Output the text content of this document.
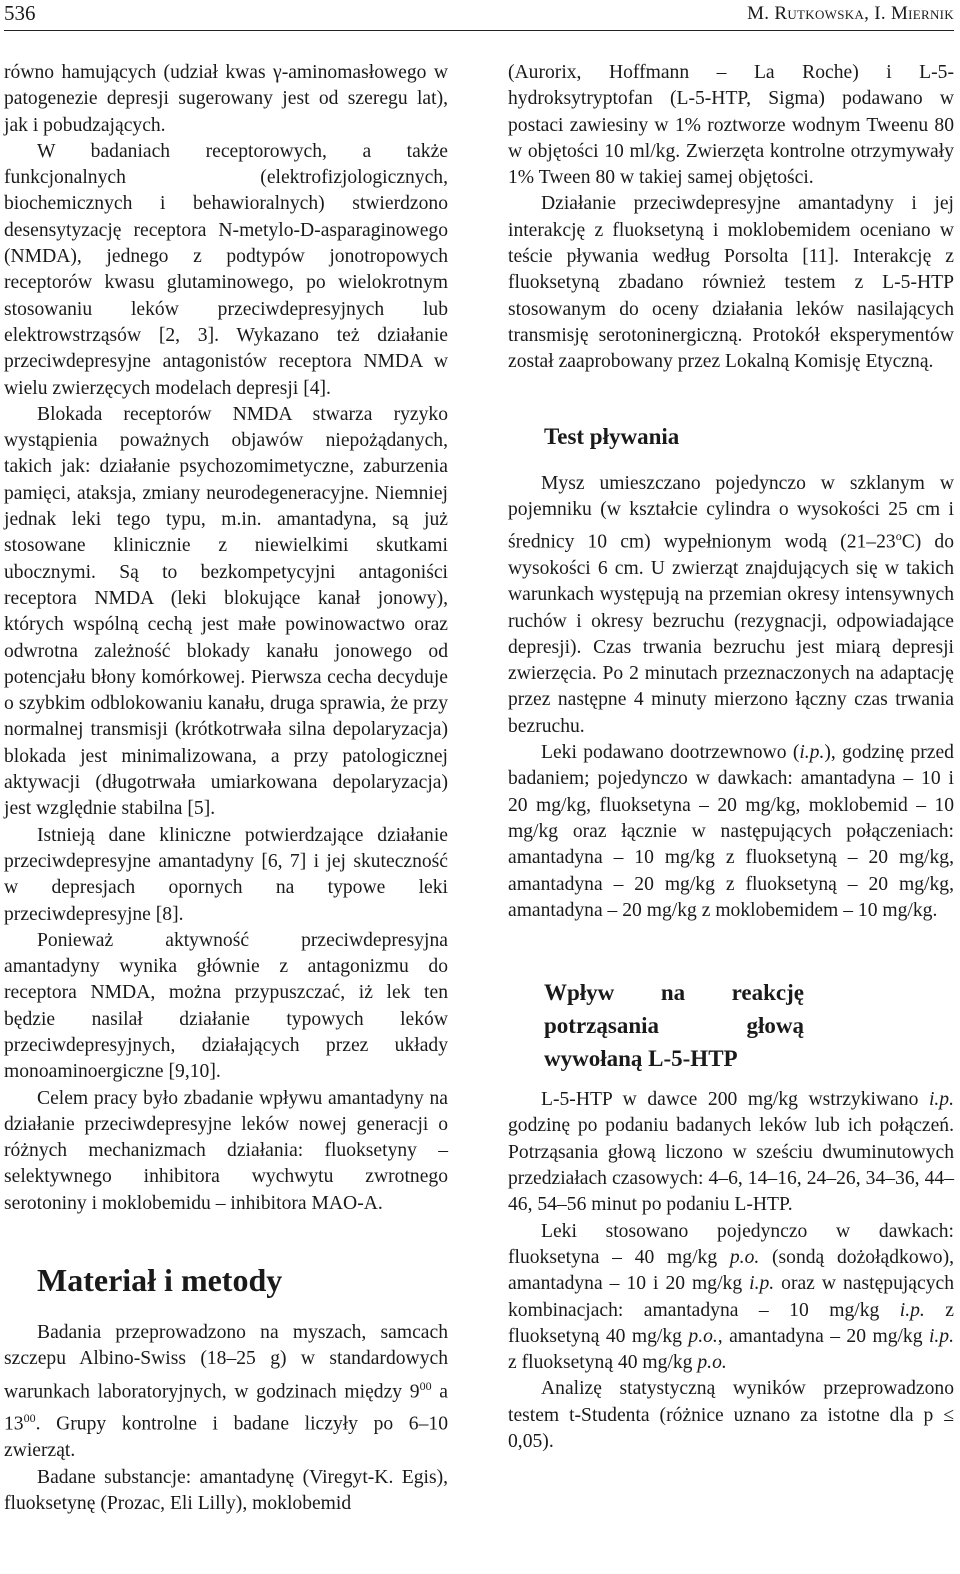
536	M. Rutkowska, I. Miernik

równo hamujących (udział kwas γ-aminomasłowego w patogenezie depresji sugerowany jest od szeregu lat), jak i pobudzających.

W badaniach receptorowych, a także funkcjonalnych (elektrofizjologicznych, biochemicznych i behawioralnych) stwierdzono desensytyzację receptora N-metylo-D-asparaginowego (NMDA), jednego z podtypów jonotropowych receptorów kwasu glutaminowego, po wielokrotnym stosowaniu leków przeciwdepresyjnych lub elektrowstrząsów [2, 3]. Wykazano też działanie przeciwdepresyjne antagonistów receptora NMDA w wielu zwierzęcych modelach depresji [4].

Blokada receptorów NMDA stwarza ryzyko wystąpienia poważnych objawów niepożądanych, takich jak: działanie psychozomimetyczne, zaburzenia pamięci, ataksja, zmiany neurodegeneracyjne. Niemniej jednak leki tego typu, m.in. amantadyna, są już stosowane klinicznie z niewielkimi skutkami ubocznymi. Są to bezkompetycyjni antagoniści receptora NMDA (leki blokujące kanał jonowy), których wspólną cechą jest małe powinowactwo oraz odwrotna zależność blokady kanału jonowego od potencjału błony komórkowej. Pierwsza cecha decyduje o szybkim odblokowaniu kanału, druga sprawia, że przy normalnej transmisji (krótkotrwała silna depolaryzacja) blokada jest minimalizowana, a przy patologicznej aktywacji (długotrwała umiarkowana depolaryzacja) jest względnie stabilna [5].

Istnieją dane kliniczne potwierdzające działanie przeciwdepresyjne amantadyny [6, 7] i jej skuteczność w depresjach opornych na typowe leki przeciwdepresyjne [8].

Ponieważ aktywność przeciwdepresyjna amantadyny wynika głównie z antagonizmu do receptora NMDA, można przypuszczać, iż lek ten będzie nasilał działanie typowych leków przeciwdepresyjnych, działających przez układy monoaminoergiczne [9,10].

Celem pracy było zbadanie wpływu amantadyny na działanie przeciwdepresyjne leków nowej generacji o różnych mechanizmach działania: fluoksetyny – selektywnego inhibitora wychwytu zwrotnego serotoniny i moklobemidu – inhibitora MAO-A.

Materiał i metody

Badania przeprowadzono na myszach, samcach szczepu Albino-Swiss (18–25 g) w standardowych warunkach laboratoryjnych, w godzinach między $9^{00}$ a $13^{00}$. Grupy kontrolne i badane liczyły po 6–10 zwierząt.

Badane substancje: amantadynę (Viregyt-K. Egis), fluoksetynę (Prozac, Eli Lilly), moklobemid

(Aurorix, Hoffmann – La Roche) i L-5-hydroksytryptofan (L-5-HTP, Sigma) podawano w postaci zawiesiny w 1% roztworze wodnym Tweenu 80 w objętości 10 ml/kg. Zwierzęta kontrolne otrzymywały 1% Tween 80 w takiej samej objętości.

Działanie przeciwdepresyjne amantadyny i jej interakcję z fluoksetyną i moklobemidem oceniano w teście pływania według Porsolta [11]. Interakcję z fluoksetyną zbadano również testem z L-5-HTP stosowanym do oceny działania leków nasilających transmisję serotoninergiczną. Protokół eksperymentów został zaaprobowany przez Lokalną Komisję Etyczną.

Test pływania

Mysz umieszczano pojedynczo w szklanym w pojemniku (w kształcie cylindra o wysokości 25 cm i średnicy 10 cm) wypełnionym wodą (21–23$^o$C) do wysokości 6 cm. U zwierząt znajdujących się w takich warunkach występują na przemian okresy intensywnych ruchów i okresy bezruchu (rezygnacji, odpowiadające depresji). Czas trwania bezruchu jest miarą depresji zwierzęcia. Po 2 minutach przeznaczonych na adaptację przez następne 4 minuty mierzono łączny czas trwania bezruchu.

Leki podawano dootrzewnowo (i.p.), godzinę przed badaniem; pojedynczo w dawkach: amantadyna – 10 i 20 mg/kg, fluoksetyna – 20 mg/kg, moklobemid – 10 mg/kg oraz łącznie w następujących połączeniach: amantadyna – 10 mg/kg z fluoksetyną – 20 mg/kg, amantadyna – 20 mg/kg z fluoksetyną – 20 mg/kg, amantadyna – 20 mg/kg z moklobemidem – 10 mg/kg.

Wpływ na reakcję potrząsania głową wywołaną L-5-HTP

L-5-HTP w dawce 200 mg/kg wstrzykiwano i.p. godzinę po podaniu badanych leków lub ich połączeń. Potrząsania głową liczono w sześciu dwuminutowych przedziałach czasowych: 4–6, 14–16, 24–26, 34–36, 44–46, 54–56 minut po podaniu L-HTP.

Leki stosowano pojedynczo w dawkach: fluoksetyna – 40 mg/kg p.o. (sondą dożołądkowo), amantadyna – 10 i 20 mg/kg i.p. oraz w następujących kombinacjach: amantadyna – 10 mg/kg i.p. z fluoksetyną 40 mg/kg p.o., amantadyna – 20 mg/kg i.p. z fluoksetyną 40 mg/kg p.o.

Analizę statystyczną wyników przeprowadzono testem t-Studenta (różnice uznano za istotne dla p ≤ 0,05).
